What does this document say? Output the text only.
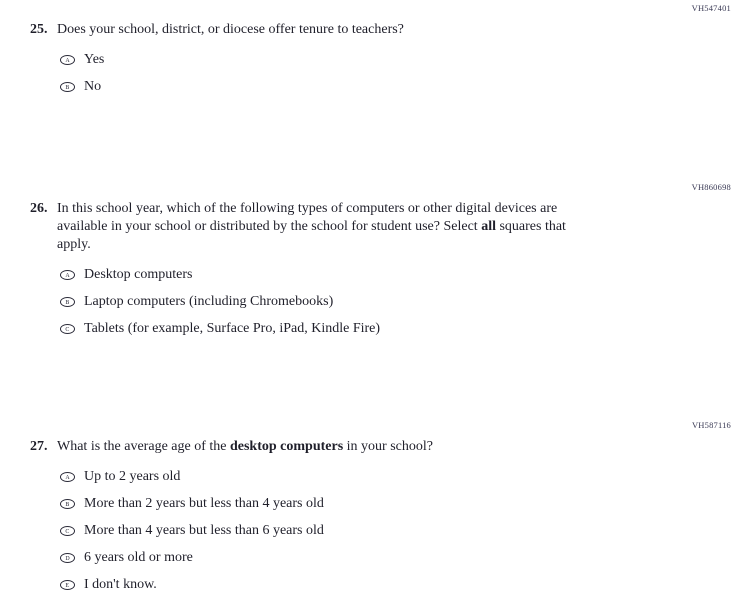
VH547401
25. Does your school, district, or diocese offer tenure to teachers?
A Yes
B No
VH860698
26. In this school year, which of the following types of computers or other digital devices are available in your school or distributed by the school for student use? Select all squares that apply.
A Desktop computers
B Laptop computers (including Chromebooks)
C Tablets (for example, Surface Pro, iPad, Kindle Fire)
VH587116
27. What is the average age of the desktop computers in your school?
A Up to 2 years old
B More than 2 years but less than 4 years old
C More than 4 years but less than 6 years old
D 6 years old or more
E I don't know.
